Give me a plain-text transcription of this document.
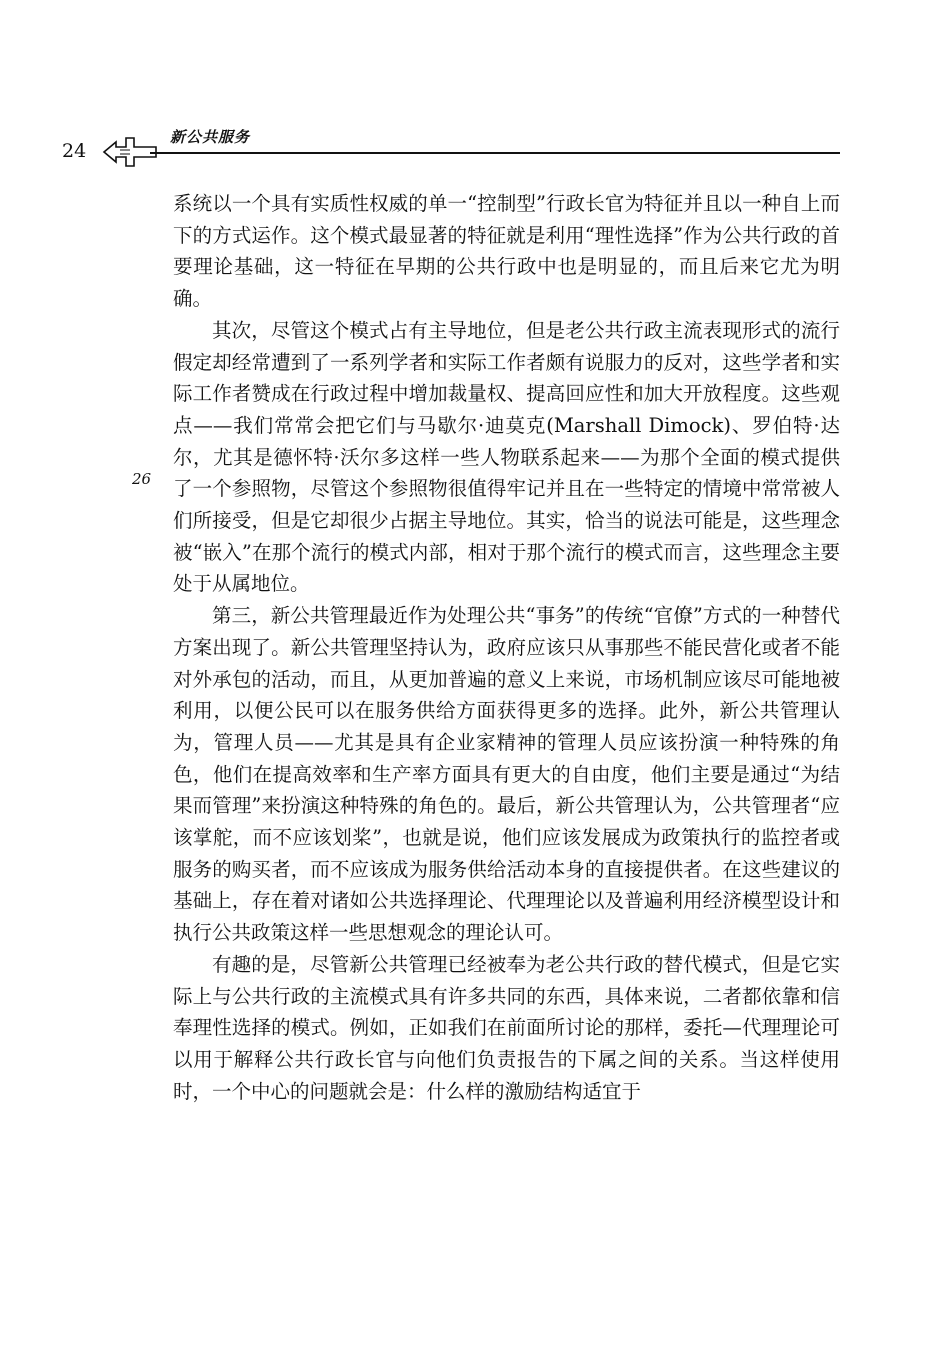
24
新公共服务
26

系统以一个具有实质性权威的单一“控制型”行政长官为特征并且以一种自上而下的方式运作。这个模式最显著的特征就是利用“理性选择”作为公共行政的首要理论基础，这一特征在早期的公共行政中也是明显的，而且后来它尤为明确。

其次，尽管这个模式占有主导地位，但是老公共行政主流表现形式的流行假定却经常遭到了一系列学者和实际工作者颇有说服力的反对，这些学者和实际工作者赞成在行政过程中增加裁量权、提高回应性和加大开放程度。这些观点——我们常常会把它们与马歇尔·迪莫克(Marshall Dimock)、罗伯特·达尔，尤其是德怀特·沃尔多这样一些人物联系起来——为那个全面的模式提供了一个参照物，尽管这个参照物很值得牢记并且在一些特定的情境中常常被人们所接受，但是它却很少占据主导地位。其实，恰当的说法可能是，这些理念被“嵌入”在那个流行的模式内部，相对于那个流行的模式而言，这些理念主要处于从属地位。

第三，新公共管理最近作为处理公共“事务”的传统“官僚”方式的一种替代方案出现了。新公共管理坚持认为，政府应该只从事那些不能民营化或者不能对外承包的活动，而且，从更加普遍的意义上来说，市场机制应该尽可能地被利用，以便公民可以在服务供给方面获得更多的选择。此外，新公共管理认为，管理人员——尤其是具有企业家精神的管理人员应该扮演一种特殊的角色，他们在提高效率和生产率方面具有更大的自由度，他们主要是通过“为结果而管理”来扮演这种特殊的角色的。最后，新公共管理认为，公共管理者“应该掌舵，而不应该划桨”，也就是说，他们应该发展成为政策执行的监控者或服务的购买者，而不应该成为服务供给活动本身的直接提供者。在这些建议的基础上，存在着对诸如公共选择理论、代理理论以及普遍利用经济模型设计和执行公共政策这样一些思想观念的理论认可。

有趣的是，尽管新公共管理已经被奉为老公共行政的替代模式，但是它实际上与公共行政的主流模式具有许多共同的东西，具体来说，二者都依靠和信奉理性选择的模式。例如，正如我们在前面所讨论的那样，委托—代理理论可以用于解释公共行政长官与向他们负责报告的下属之间的关系。当这样使用时，一个中心的问题就会是：什么样的激励结构适宜于
